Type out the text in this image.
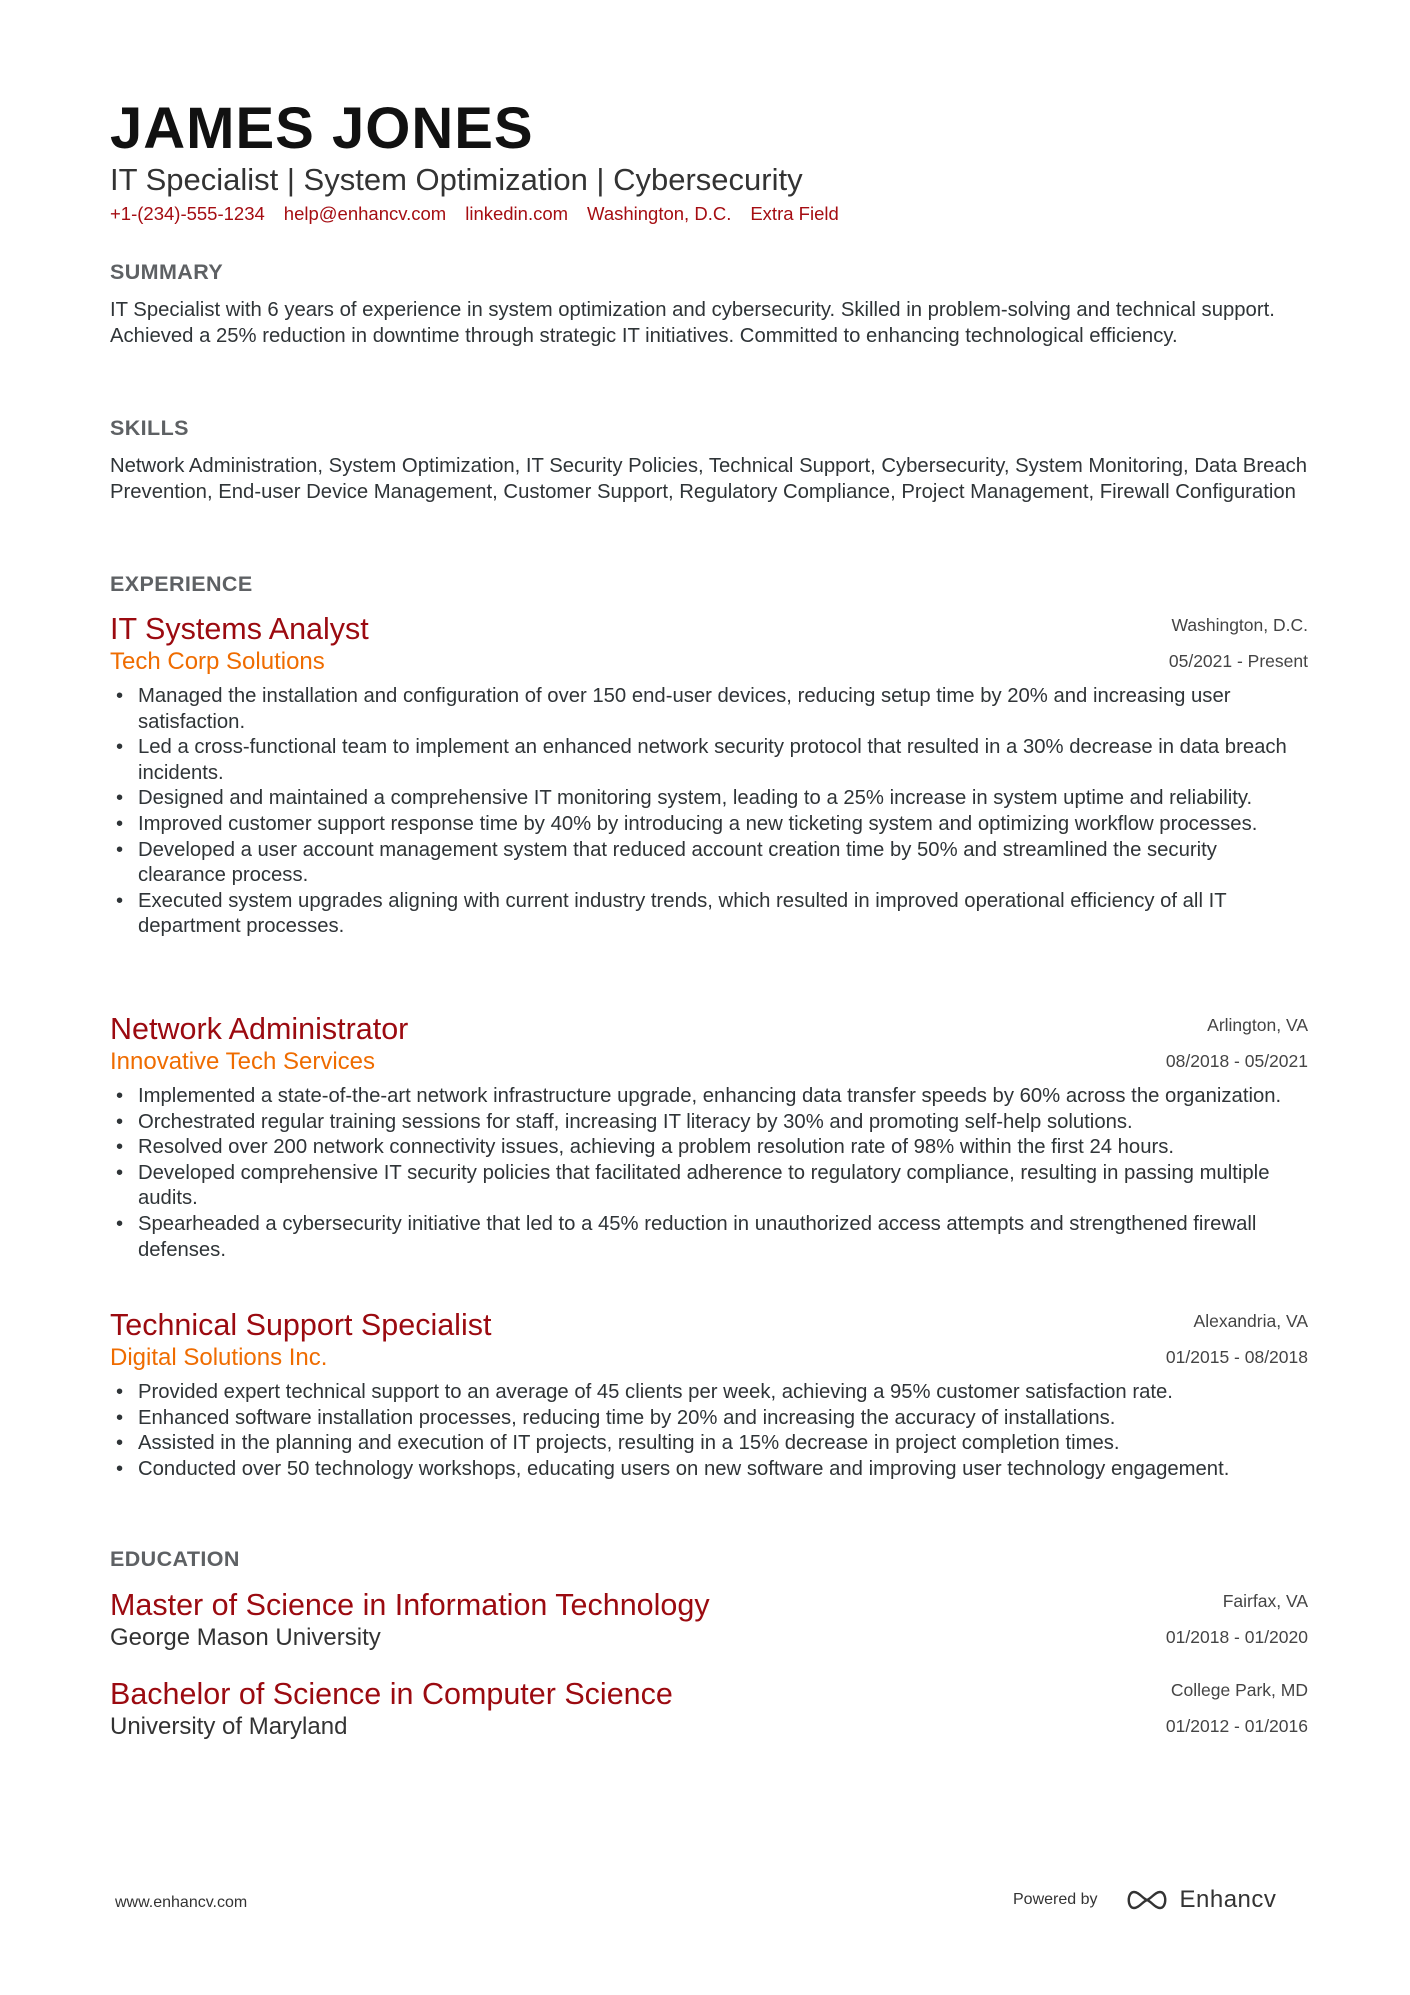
JAMES JONES
IT Specialist | System Optimization | Cybersecurity
+1-(234)-555-1234 help@enhancv.com linkedin.com Washington, D.C. Extra Field
SUMMARY
IT Specialist with 6 years of experience in system optimization and cybersecurity. Skilled in problem-solving and technical support. Achieved a 25% reduction in downtime through strategic IT initiatives. Committed to enhancing technological efficiency.
SKILLS
Network Administration, System Optimization, IT Security Policies, Technical Support, Cybersecurity, System Monitoring, Data Breach Prevention, End-user Device Management, Customer Support, Regulatory Compliance, Project Management, Firewall Configuration
EXPERIENCE
IT Systems Analyst
Tech Corp Solutions
Washington, D.C.
05/2021 - Present
• Managed the installation and configuration of over 150 end-user devices, reducing setup time by 20% and increasing user satisfaction.
• Led a cross-functional team to implement an enhanced network security protocol that resulted in a 30% decrease in data breach incidents.
• Designed and maintained a comprehensive IT monitoring system, leading to a 25% increase in system uptime and reliability.
• Improved customer support response time by 40% by introducing a new ticketing system and optimizing workflow processes.
• Developed a user account management system that reduced account creation time by 50% and streamlined the security clearance process.
• Executed system upgrades aligning with current industry trends, which resulted in improved operational efficiency of all IT department processes.
Network Administrator
Innovative Tech Services
Arlington, VA
08/2018 - 05/2021
• Implemented a state-of-the-art network infrastructure upgrade, enhancing data transfer speeds by 60% across the organization.
• Orchestrated regular training sessions for staff, increasing IT literacy by 30% and promoting self-help solutions.
• Resolved over 200 network connectivity issues, achieving a problem resolution rate of 98% within the first 24 hours.
• Developed comprehensive IT security policies that facilitated adherence to regulatory compliance, resulting in passing multiple audits.
• Spearheaded a cybersecurity initiative that led to a 45% reduction in unauthorized access attempts and strengthened firewall defenses.
Technical Support Specialist
Digital Solutions Inc.
Alexandria, VA
01/2015 - 08/2018
• Provided expert technical support to an average of 45 clients per week, achieving a 95% customer satisfaction rate.
• Enhanced software installation processes, reducing time by 20% and increasing the accuracy of installations.
• Assisted in the planning and execution of IT projects, resulting in a 15% decrease in project completion times.
• Conducted over 50 technology workshops, educating users on new software and improving user technology engagement.
EDUCATION
Master of Science in Information Technology
George Mason University
Fairfax, VA
01/2018 - 01/2020
Bachelor of Science in Computer Science
University of Maryland
College Park, MD
01/2012 - 01/2016
www.enhancv.com	Powered by	Enhancv
